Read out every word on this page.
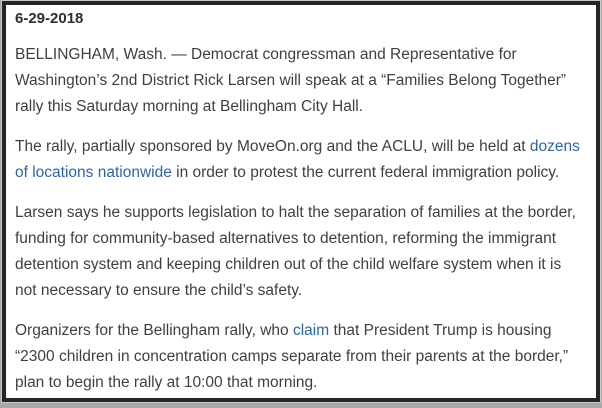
6-29-2018

BELLINGHAM, Wash. — Democrat congressman and Representative for Washington’s 2nd District Rick Larsen will speak at a “Families Belong Together” rally this Saturday morning at Bellingham City Hall.

The rally, partially sponsored by MoveOn.org and the ACLU, will be held at dozens of locations nationwide in order to protest the current federal immigration policy.

Larsen says he supports legislation to halt the separation of families at the border, funding for community-based alternatives to detention, reforming the immigrant detention system and keeping children out of the child welfare system when it is not necessary to ensure the child’s safety.

Organizers for the Bellingham rally, who claim that President Trump is housing “2300 children in concentration camps separate from their parents at the border,” plan to begin the rally at 10:00 that morning.
